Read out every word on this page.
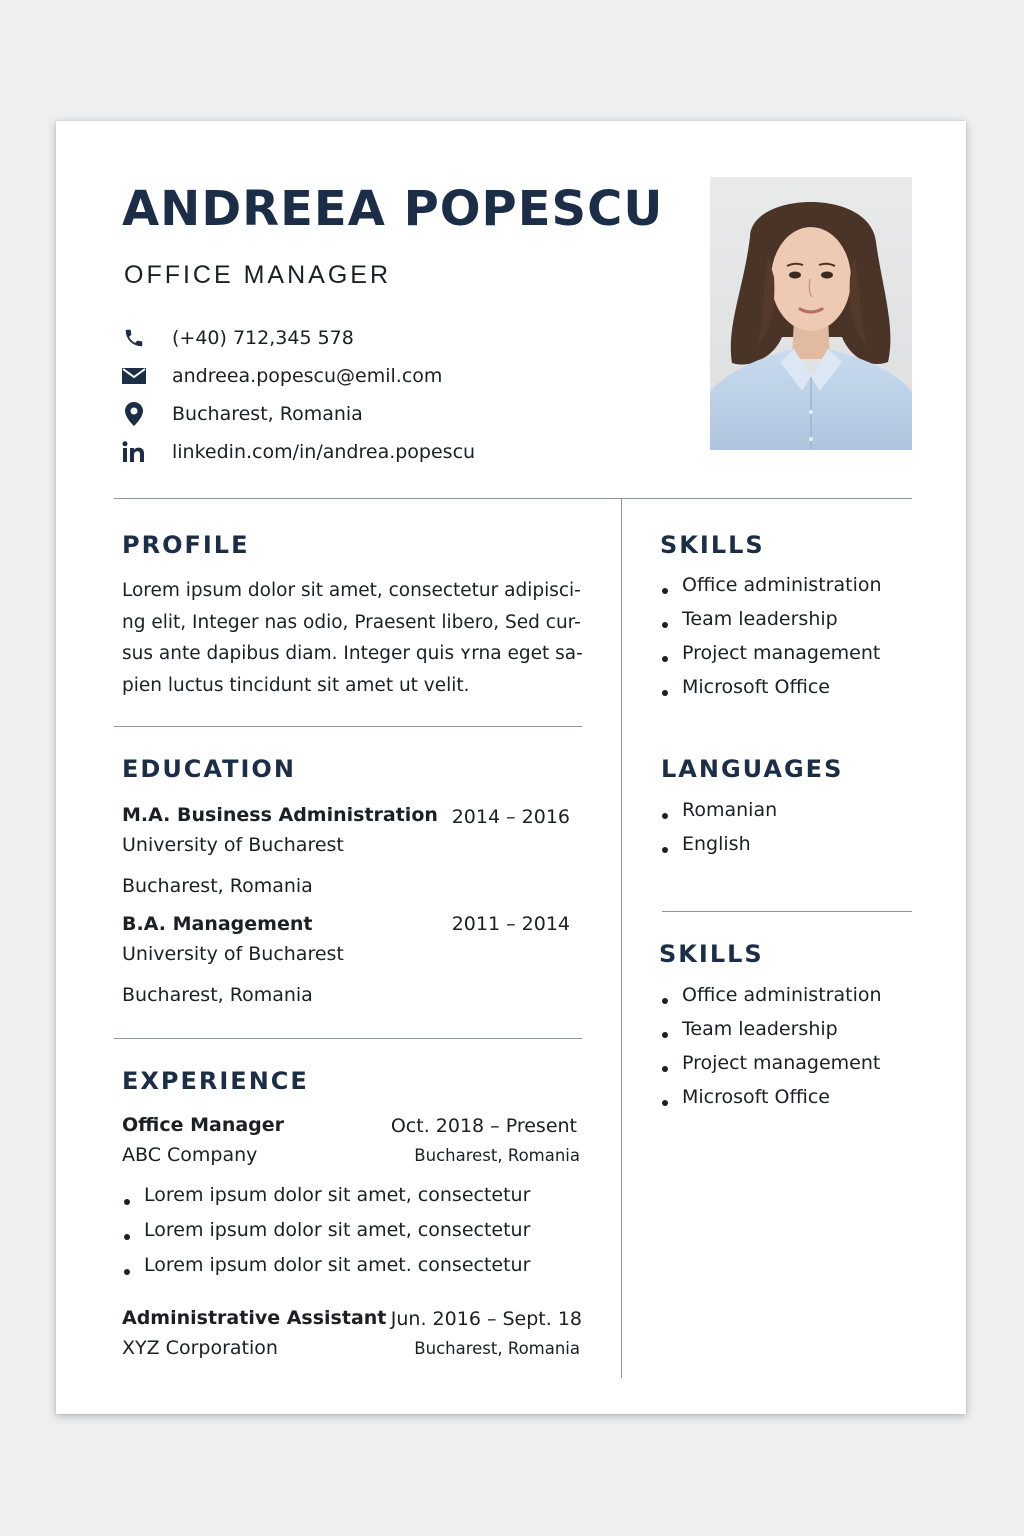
ANDREEA POPESCU
OFFICE MANAGER
(+40) 712,345 578
andreea.popescu@emil.com
Bucharest, Romania
linkedin.com/in/andrea.popescu
PROFILE
Lorem ipsum dolor sit amet, consectetur adipisci-
ng elit, Integer nas odio, Praesent libero, Sed cur-
sus ante dapibus diam. Integer quis ʏrna eget sa-
pien luctus tincidunt sit amet ut velit.
EDUCATION
M.A. Business Administration 2014 – 2016
University of Bucharest
Bucharest, Romania
B.A. Management	2011 – 2014
University of Bucharest
Bucharest, Romania
EXPERIENCE
Office Manager	Oct. 2018 – Present
ABC Company	Bucharest, Romania
Lorem ipsum dolor sit amet, consectetur
Lorem ipsum dolor sit amet, consectetur
Lorem ipsum dolor sit amet. consectetur
Administrative Assistant Jun. 2016 – Sept. 18
XYZ Corporation	Bucharest, Romania
SKILLS
Office administration
Team leadership
Project management
Microsoft Office
LANGUAGES
Romanian
English
SKILLS
Office administration
Team leadership
Project management
Microsoft Office
